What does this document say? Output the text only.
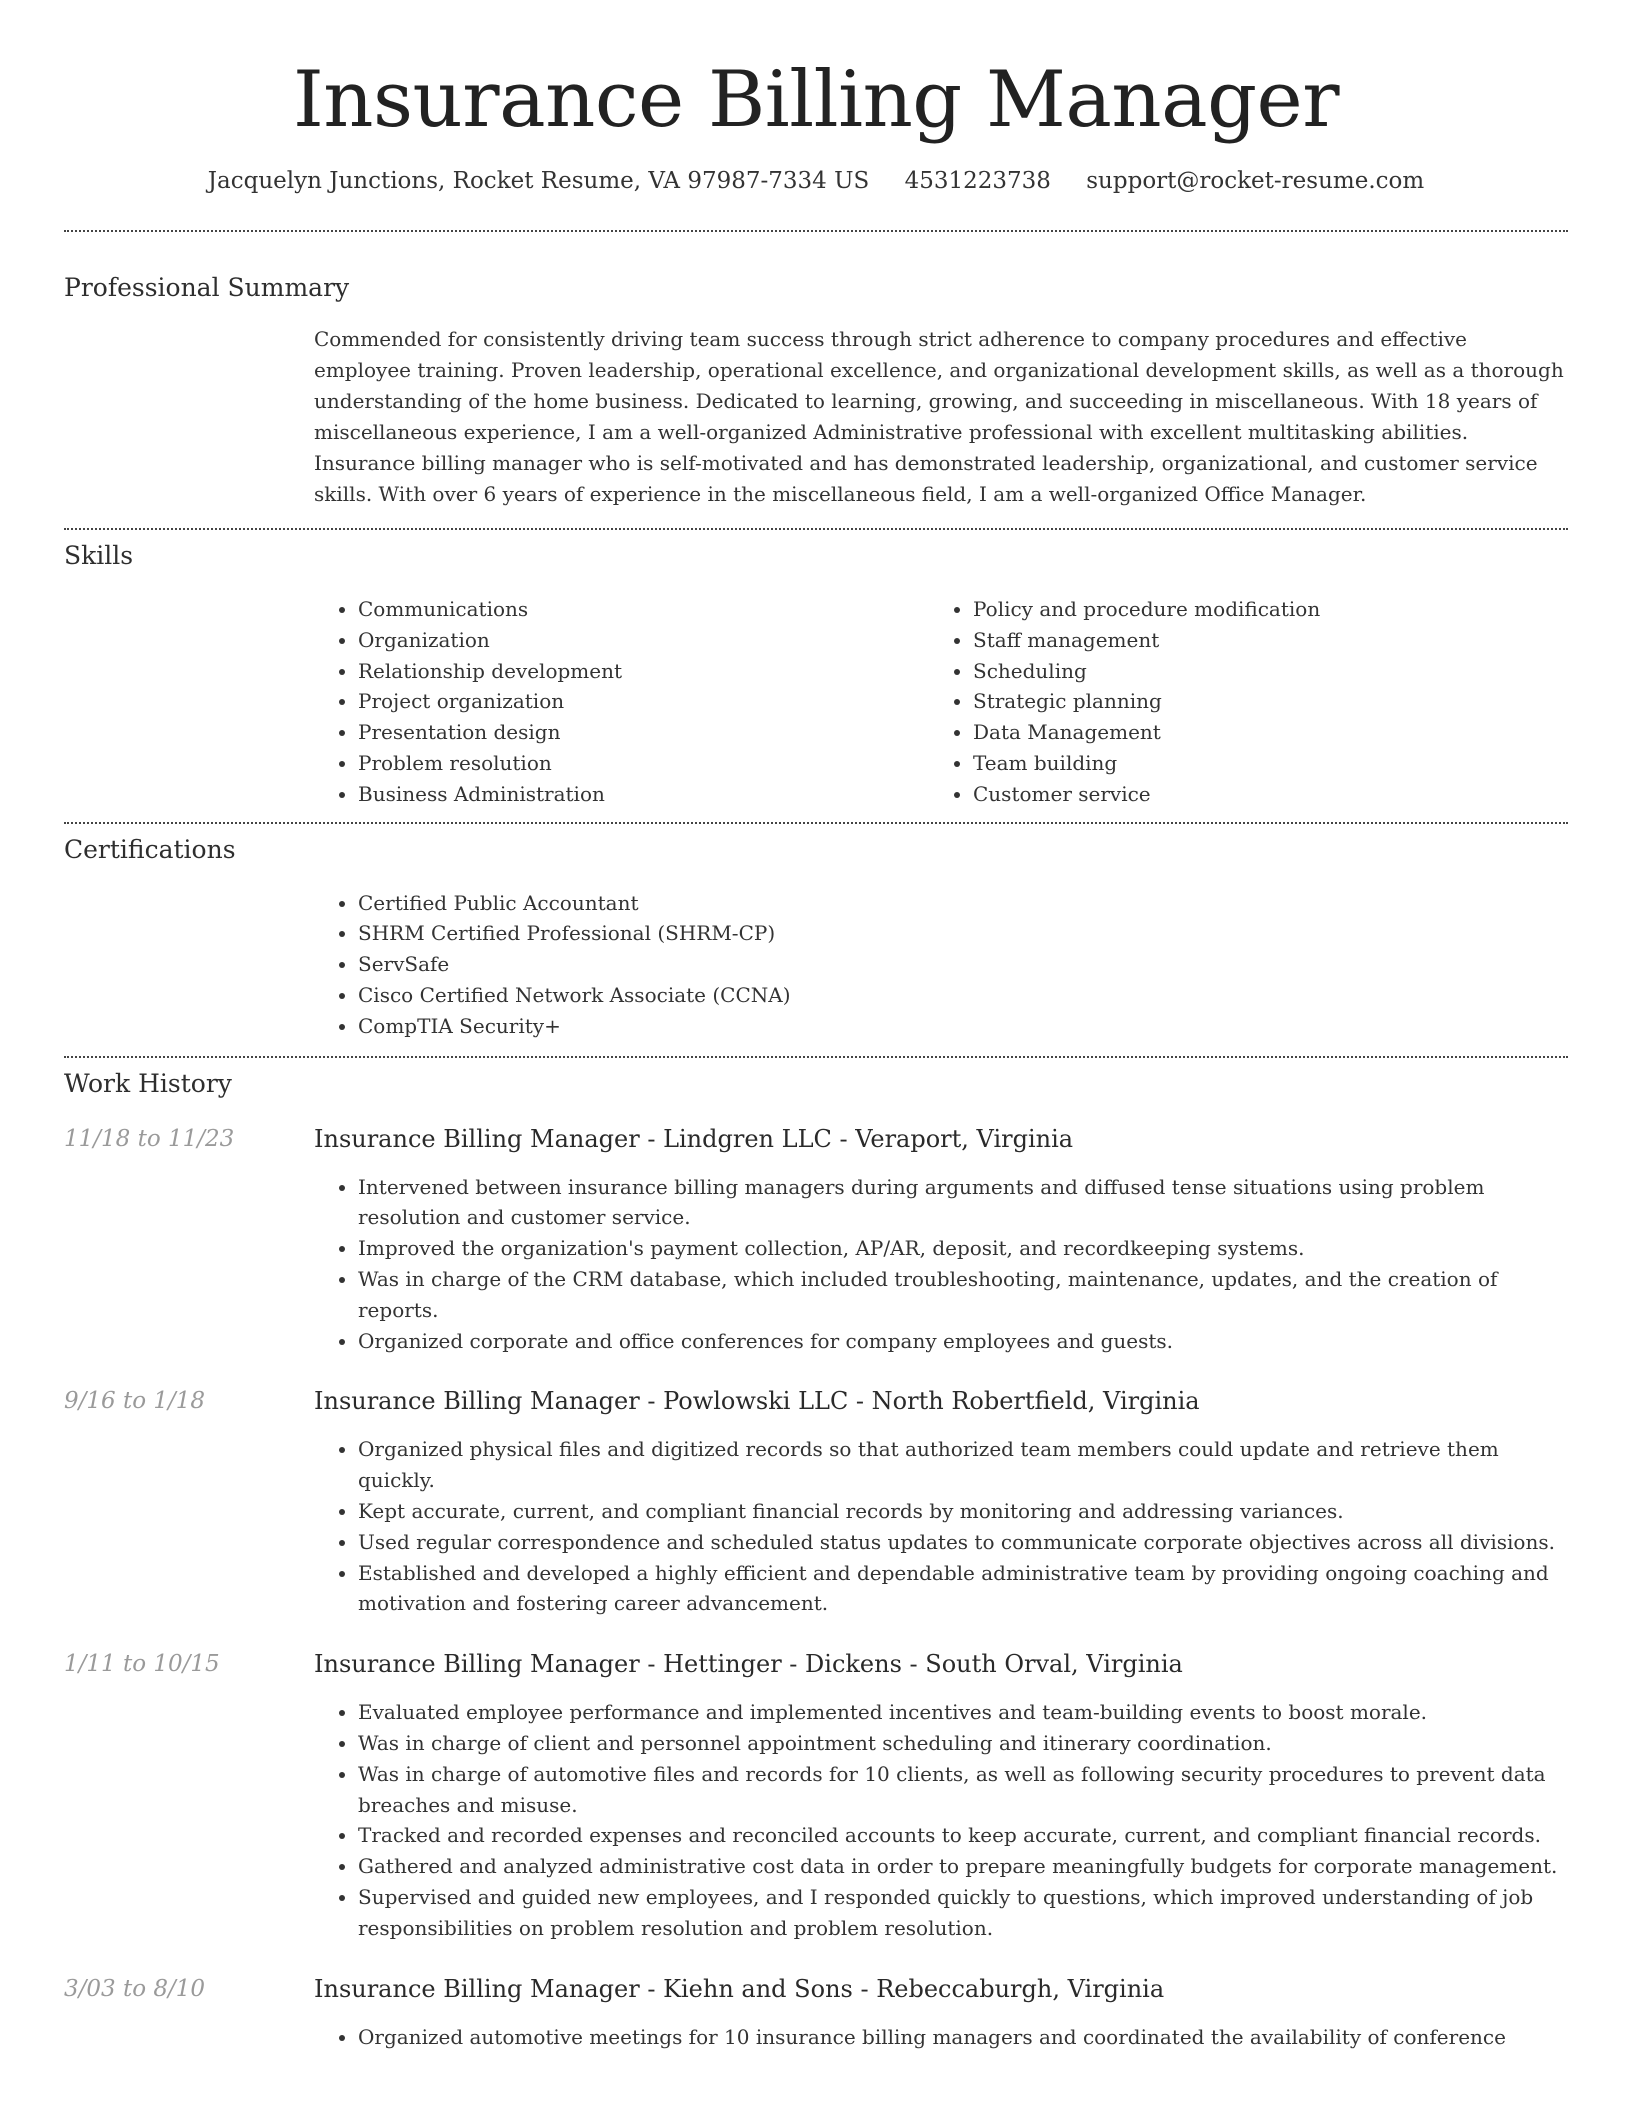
Insurance Billing Manager
Jacquelyn Junctions, Rocket Resume, VA 97987-7334 US 4531223738 support@rocket-resume.com
Professional Summary

Commended for consistently driving team success through strict adherence to company procedures and effective employee training. Proven leadership, operational excellence, and organizational development skills, as well as a thorough understanding of the home business. Dedicated to learning, growing, and succeeding in miscellaneous. With 18 years of miscellaneous experience, I am a well-organized Administrative professional with excellent multitasking abilities. Insurance billing manager who is self-motivated and has demonstrated leadership, organizational, and customer service skills. With over 6 years of experience in the miscellaneous field, I am a well-organized Office Manager.

Skills
• Communications
• Organization
• Relationship development
• Project organization
• Presentation design
• Problem resolution
• Business Administration
• Policy and procedure modification
• Staff management
• Scheduling
• Strategic planning
• Data Management
• Team building
• Customer service
Certifications
• Certified Public Accountant
• SHRM Certified Professional (SHRM-CP)
• ServSafe
• Cisco Certified Network Associate (CCNA)
• CompTIA Security+
Work History
11/18 to 11/23	Insurance Billing Manager - Lindgren LLC - Veraport, Virginia
• Intervened between insurance billing managers during arguments and diffused tense situations using problem resolution and customer service.
• Improved the organization's payment collection, AP/AR, deposit, and recordkeeping systems.
• Was in charge of the CRM database, which included troubleshooting, maintenance, updates, and the creation of reports.
• Organized corporate and office conferences for company employees and guests.
9/16 to 1/18	Insurance Billing Manager - Powlowski LLC - North Robertfield, Virginia
• Organized physical files and digitized records so that authorized team members could update and retrieve them quickly.
• Kept accurate, current, and compliant financial records by monitoring and addressing variances.
• Used regular correspondence and scheduled status updates to communicate corporate objectives across all divisions.
• Established and developed a highly efficient and dependable administrative team by providing ongoing coaching and motivation and fostering career advancement.
1/11 to 10/15	Insurance Billing Manager - Hettinger - Dickens - South Orval, Virginia
• Evaluated employee performance and implemented incentives and team-building events to boost morale.
• Was in charge of client and personnel appointment scheduling and itinerary coordination.
• Was in charge of automotive files and records for 10 clients, as well as following security procedures to prevent data breaches and misuse.
• Tracked and recorded expenses and reconciled accounts to keep accurate, current, and compliant financial records.
• Gathered and analyzed administrative cost data in order to prepare meaningfully budgets for corporate management.
• Supervised and guided new employees, and I responded quickly to questions, which improved understanding of job responsibilities on problem resolution and problem resolution.
3/03 to 8/10	Insurance Billing Manager - Kiehn and Sons - Rebeccaburgh, Virginia
• Organized automotive meetings for 10 insurance billing managers and coordinated the availability of conference
